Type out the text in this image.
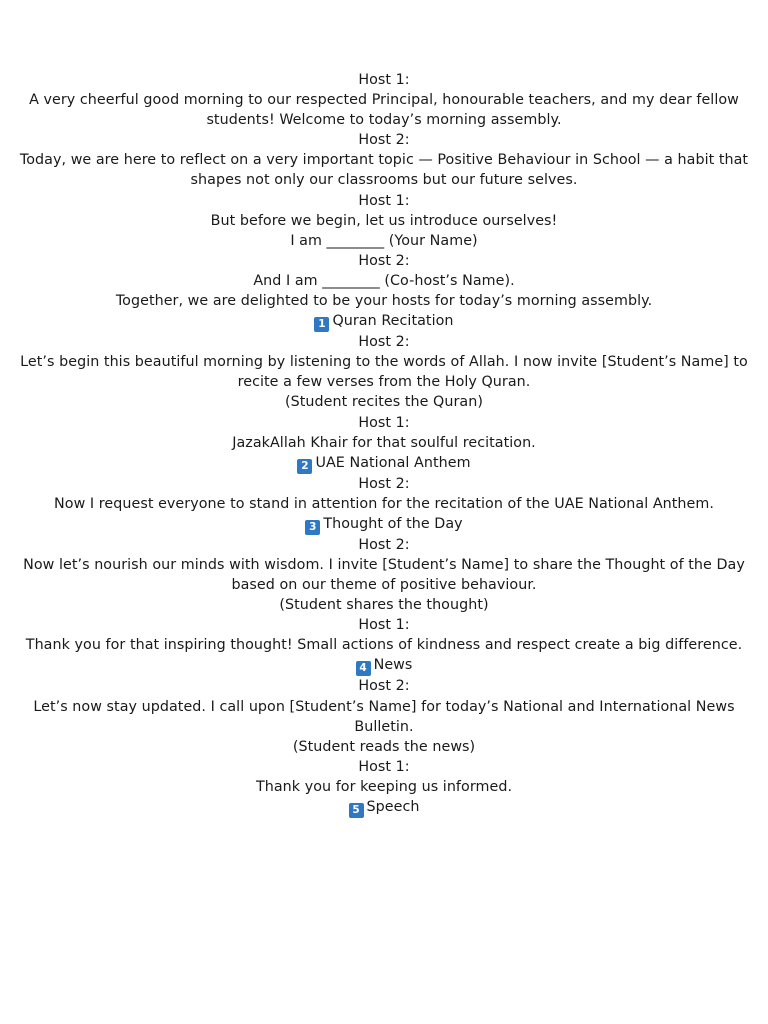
Host 1:

A very cheerful good morning to our respected Principal, honourable teachers, and my dear fellow students! Welcome to today’s morning assembly.

Host 2:

Today, we are here to reflect on a very important topic — Positive Behaviour in School — a habit that shapes not only our classrooms but our future selves.

Host 1:

But before we begin, let us introduce ourselves!

I am ________ (Your Name)

Host 2:

And I am ________ (Co-host’s Name).

Together, we are delighted to be your hosts for today’s morning assembly.

1 Quran Recitation

Host 2:

Let’s begin this beautiful morning by listening to the words of Allah. I now invite [Student’s Name] to recite a few verses from the Holy Quran.

(Student recites the Quran)

Host 1:

JazakAllah Khair for that soulful recitation.

2 UAE National Anthem

Host 2:

Now I request everyone to stand in attention for the recitation of the UAE National Anthem.

3 Thought of the Day

Host 2:

Now let’s nourish our minds with wisdom. I invite [Student’s Name] to share the Thought of the Day based on our theme of positive behaviour.

(Student shares the thought)

Host 1:

Thank you for that inspiring thought! Small actions of kindness and respect create a big difference.

4 News

Host 2:

Let’s now stay updated. I call upon [Student’s Name] for today’s National and International News Bulletin.

(Student reads the news)

Host 1:

Thank you for keeping us informed.

5 Speech
